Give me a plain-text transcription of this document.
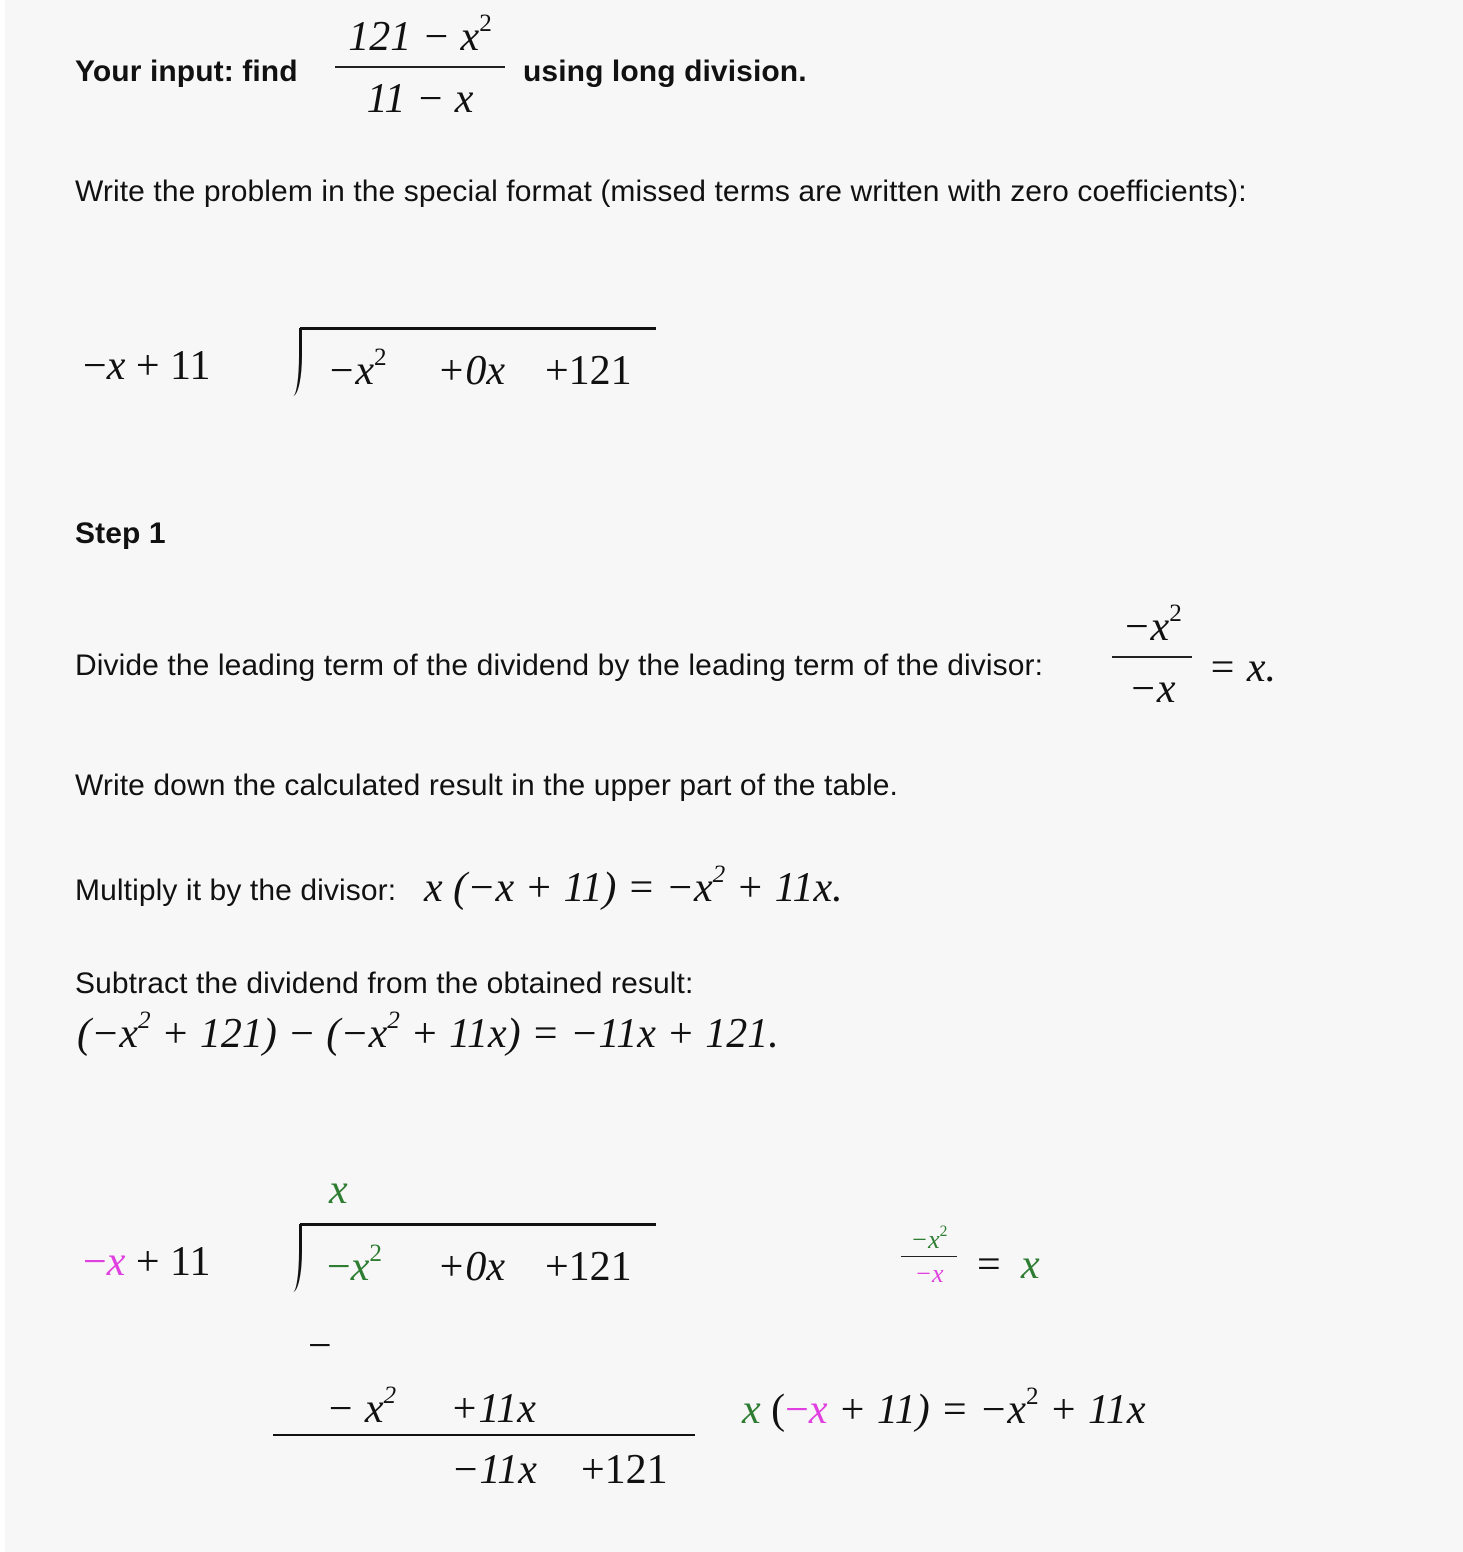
Your input: find
$121 - x^2$
11 − x
using long division.
Write the problem in the special format (missed terms are written with zero coefficients):
−x + 11	$-x^2 +0x +121$
Step 1
Divide the leading term of the dividend by the leading term of the divisor:
$-x^2$
−x = x.
Write down the calculated result in the upper part of the table.
Multiply it by the divisor: x $(-x + 11) = -x^2 + 11x$.
Subtract the dividend from the obtained result:
$(-x^2 + 121) - (-x^2 + 11x) = -11x + 121$.
x
−x + 11	$-x^2 +0x +121$
−
− $x^2 +11x$
−11x +121
$-x^2$
−x = x
x $(-x + 11) = -x^2 + 11x$
